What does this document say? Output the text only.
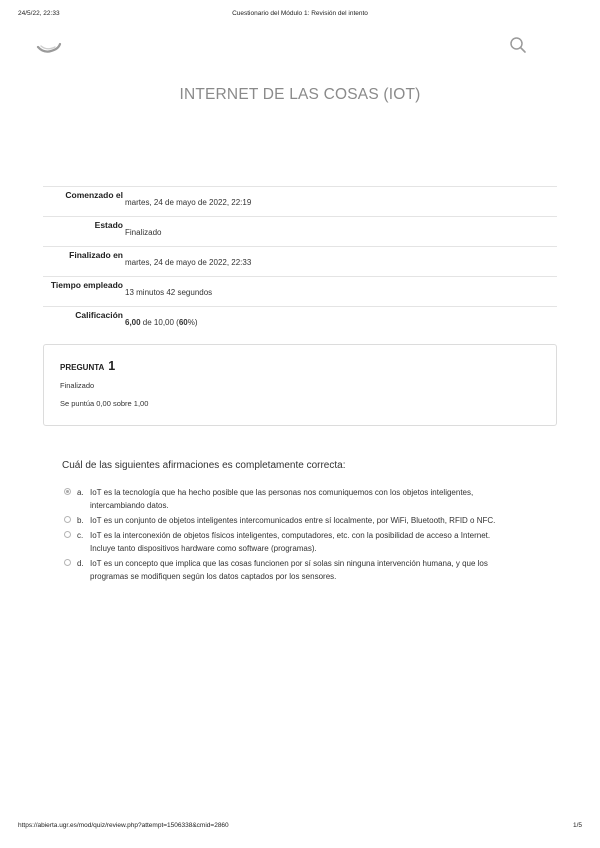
24/5/22, 22:33	Cuestionario del Módulo 1: Revisión del intento
INTERNET DE LAS COSAS (IOT)
Comenzado el
martes, 24 de mayo de 2022, 22:19
Estado
Finalizado
Finalizado en
martes, 24 de mayo de 2022, 22:33
Tiempo empleado
13 minutos 42 segundos
Calificación
6,00 de 10,00 (60%)
PREGUNTA 1
Finalizado
Se puntúa 0,00 sobre 1,00
Cuál de las siguientes afirmaciones es completamente correcta:
a. IoT es la tecnología que ha hecho posible que las personas nos comuniquemos con los objetos inteligentes,
intercambiando datos.
b. IoT es un conjunto de objetos inteligentes intercomunicados entre sí localmente, por WiFi, Bluetooth, RFID o NFC.
c. IoT es la interconexión de objetos físicos inteligentes, computadores, etc. con la posibilidad de acceso a Internet.
Incluye tanto dispositivos hardware como software (programas).
d. IoT es un concepto que implica que las cosas funcionen por sí solas sin ninguna intervención humana, y que los
programas se modifiquen según los datos captados por los sensores.
https://abierta.ugr.es/mod/quiz/review.php?attempt=1506338&cmid=2860	1/5
